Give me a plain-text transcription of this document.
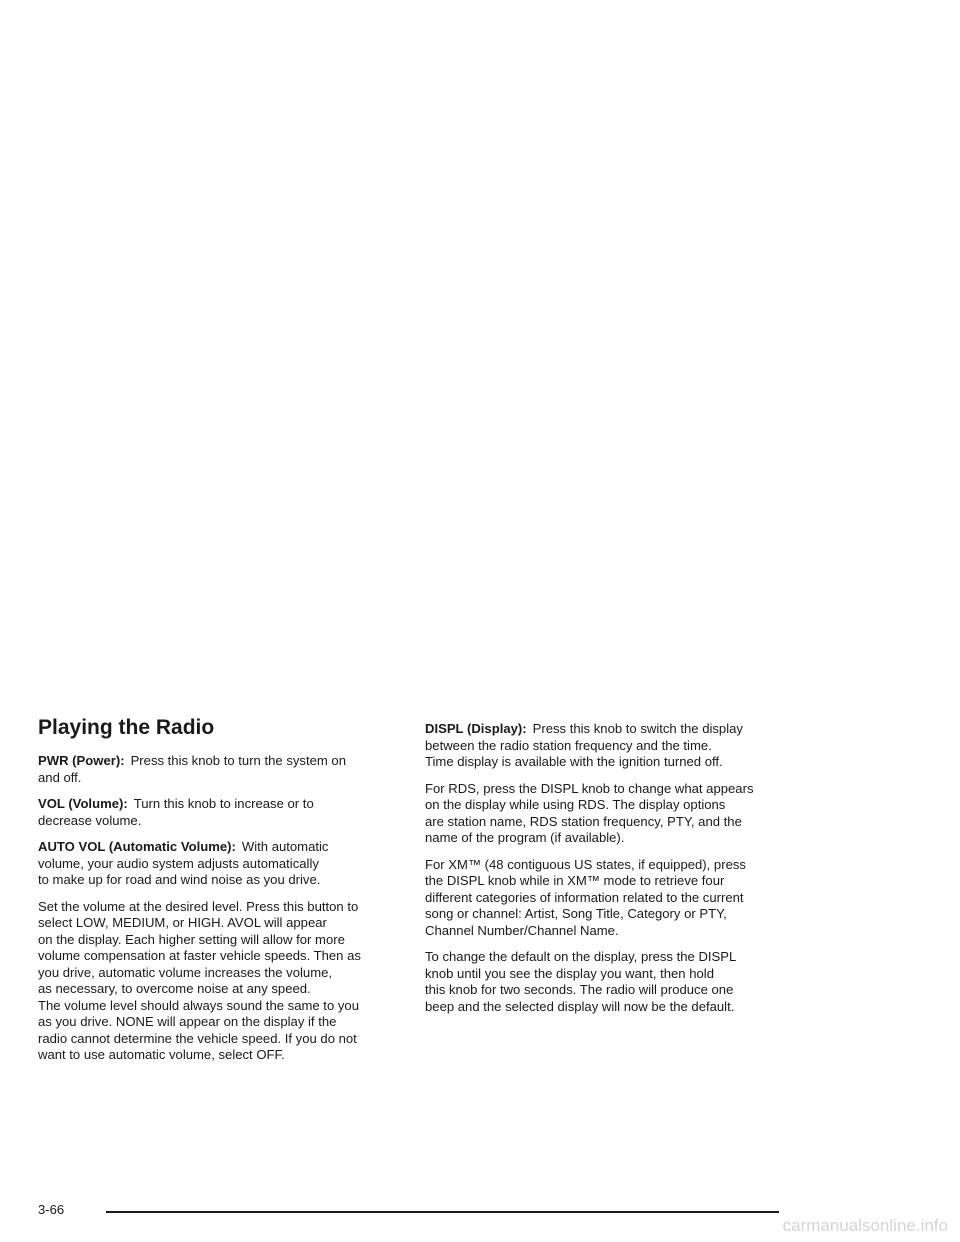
Playing the Radio

PWR (Power): Press this knob to turn the system on
and off.

VOL (Volume): Turn this knob to increase or to
decrease volume.

AUTO VOL (Automatic Volume): With automatic
volume, your audio system adjusts automatically
to make up for road and wind noise as you drive.

Set the volume at the desired level. Press this button to
select LOW, MEDIUM, or HIGH. AVOL will appear
on the display. Each higher setting will allow for more
volume compensation at faster vehicle speeds. Then as
you drive, automatic volume increases the volume,
as necessary, to overcome noise at any speed.
The volume level should always sound the same to you
as you drive. NONE will appear on the display if the
radio cannot determine the vehicle speed. If you do not
want to use automatic volume, select OFF.

DISPL (Display): Press this knob to switch the display
between the radio station frequency and the time.
Time display is available with the ignition turned off.

For RDS, press the DISPL knob to change what appears
on the display while using RDS. The display options
are station name, RDS station frequency, PTY, and the
name of the program (if available).

For XM™ (48 contiguous US states, if equipped), press
the DISPL knob while in XM™ mode to retrieve four
different categories of information related to the current
song or channel: Artist, Song Title, Category or PTY,
Channel Number/Channel Name.

To change the default on the display, press the DISPL
knob until you see the display you want, then hold
this knob for two seconds. The radio will produce one
beep and the selected display will now be the default.

3-66
carmanualsonline.info
